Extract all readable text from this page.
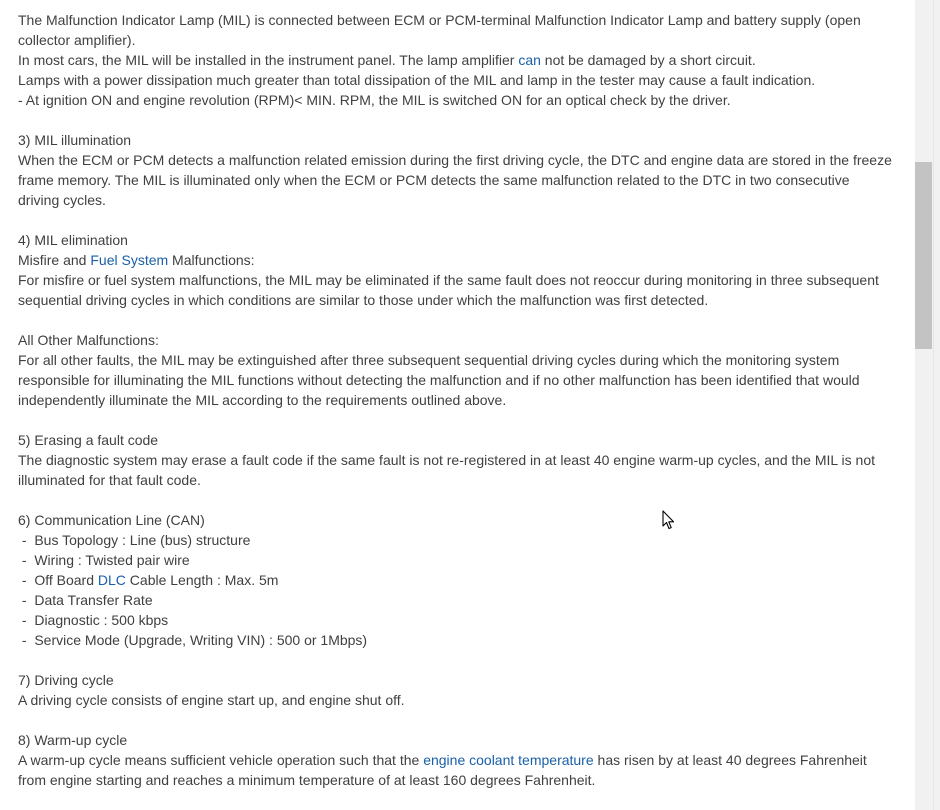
The Malfunction Indicator Lamp (MIL) is connected between ECM or PCM-terminal Malfunction Indicator Lamp and battery supply (open
collector amplifier).
In most cars, the MIL will be installed in the instrument panel. The lamp amplifier can not be damaged by a short circuit.
Lamps with a power dissipation much greater than total dissipation of the MIL and lamp in the tester may cause a fault indication.
- At ignition ON and engine revolution (RPM)< MIN. RPM, the MIL is switched ON for an optical check by the driver.
3) MIL illumination
When the ECM or PCM detects a malfunction related emission during the first driving cycle, the DTC and engine data are stored in the freeze
frame memory. The MIL is illuminated only when the ECM or PCM detects the same malfunction related to the DTC in two consecutive
driving cycles.
4) MIL elimination
Misfire and Fuel System Malfunctions:
For misfire or fuel system malfunctions, the MIL may be eliminated if the same fault does not reoccur during monitoring in three subsequent
sequential driving cycles in which conditions are similar to those under which the malfunction was first detected.
All Other Malfunctions:
For all other faults, the MIL may be extinguished after three subsequent sequential driving cycles during which the monitoring system
responsible for illuminating the MIL functions without detecting the malfunction and if no other malfunction has been identified that would
independently illuminate the MIL according to the requirements outlined above.
5) Erasing a fault code
The diagnostic system may erase a fault code if the same fault is not re-registered in at least 40 engine warm-up cycles, and the MIL is not
illuminated for that fault code.
6) Communication Line (CAN)
-  Bus Topology : Line (bus) structure
-  Wiring : Twisted pair wire
-  Off Board DLC Cable Length : Max. 5m
-  Data Transfer Rate
-  Diagnostic : 500 kbps
-  Service Mode (Upgrade, Writing VIN) : 500 or 1Mbps)
7) Driving cycle
A driving cycle consists of engine start up, and engine shut off.
8) Warm-up cycle
A warm-up cycle means sufficient vehicle operation such that the engine coolant temperature has risen by at least 40 degrees Fahrenheit
from engine starting and reaches a minimum temperature of at least 160 degrees Fahrenheit.
